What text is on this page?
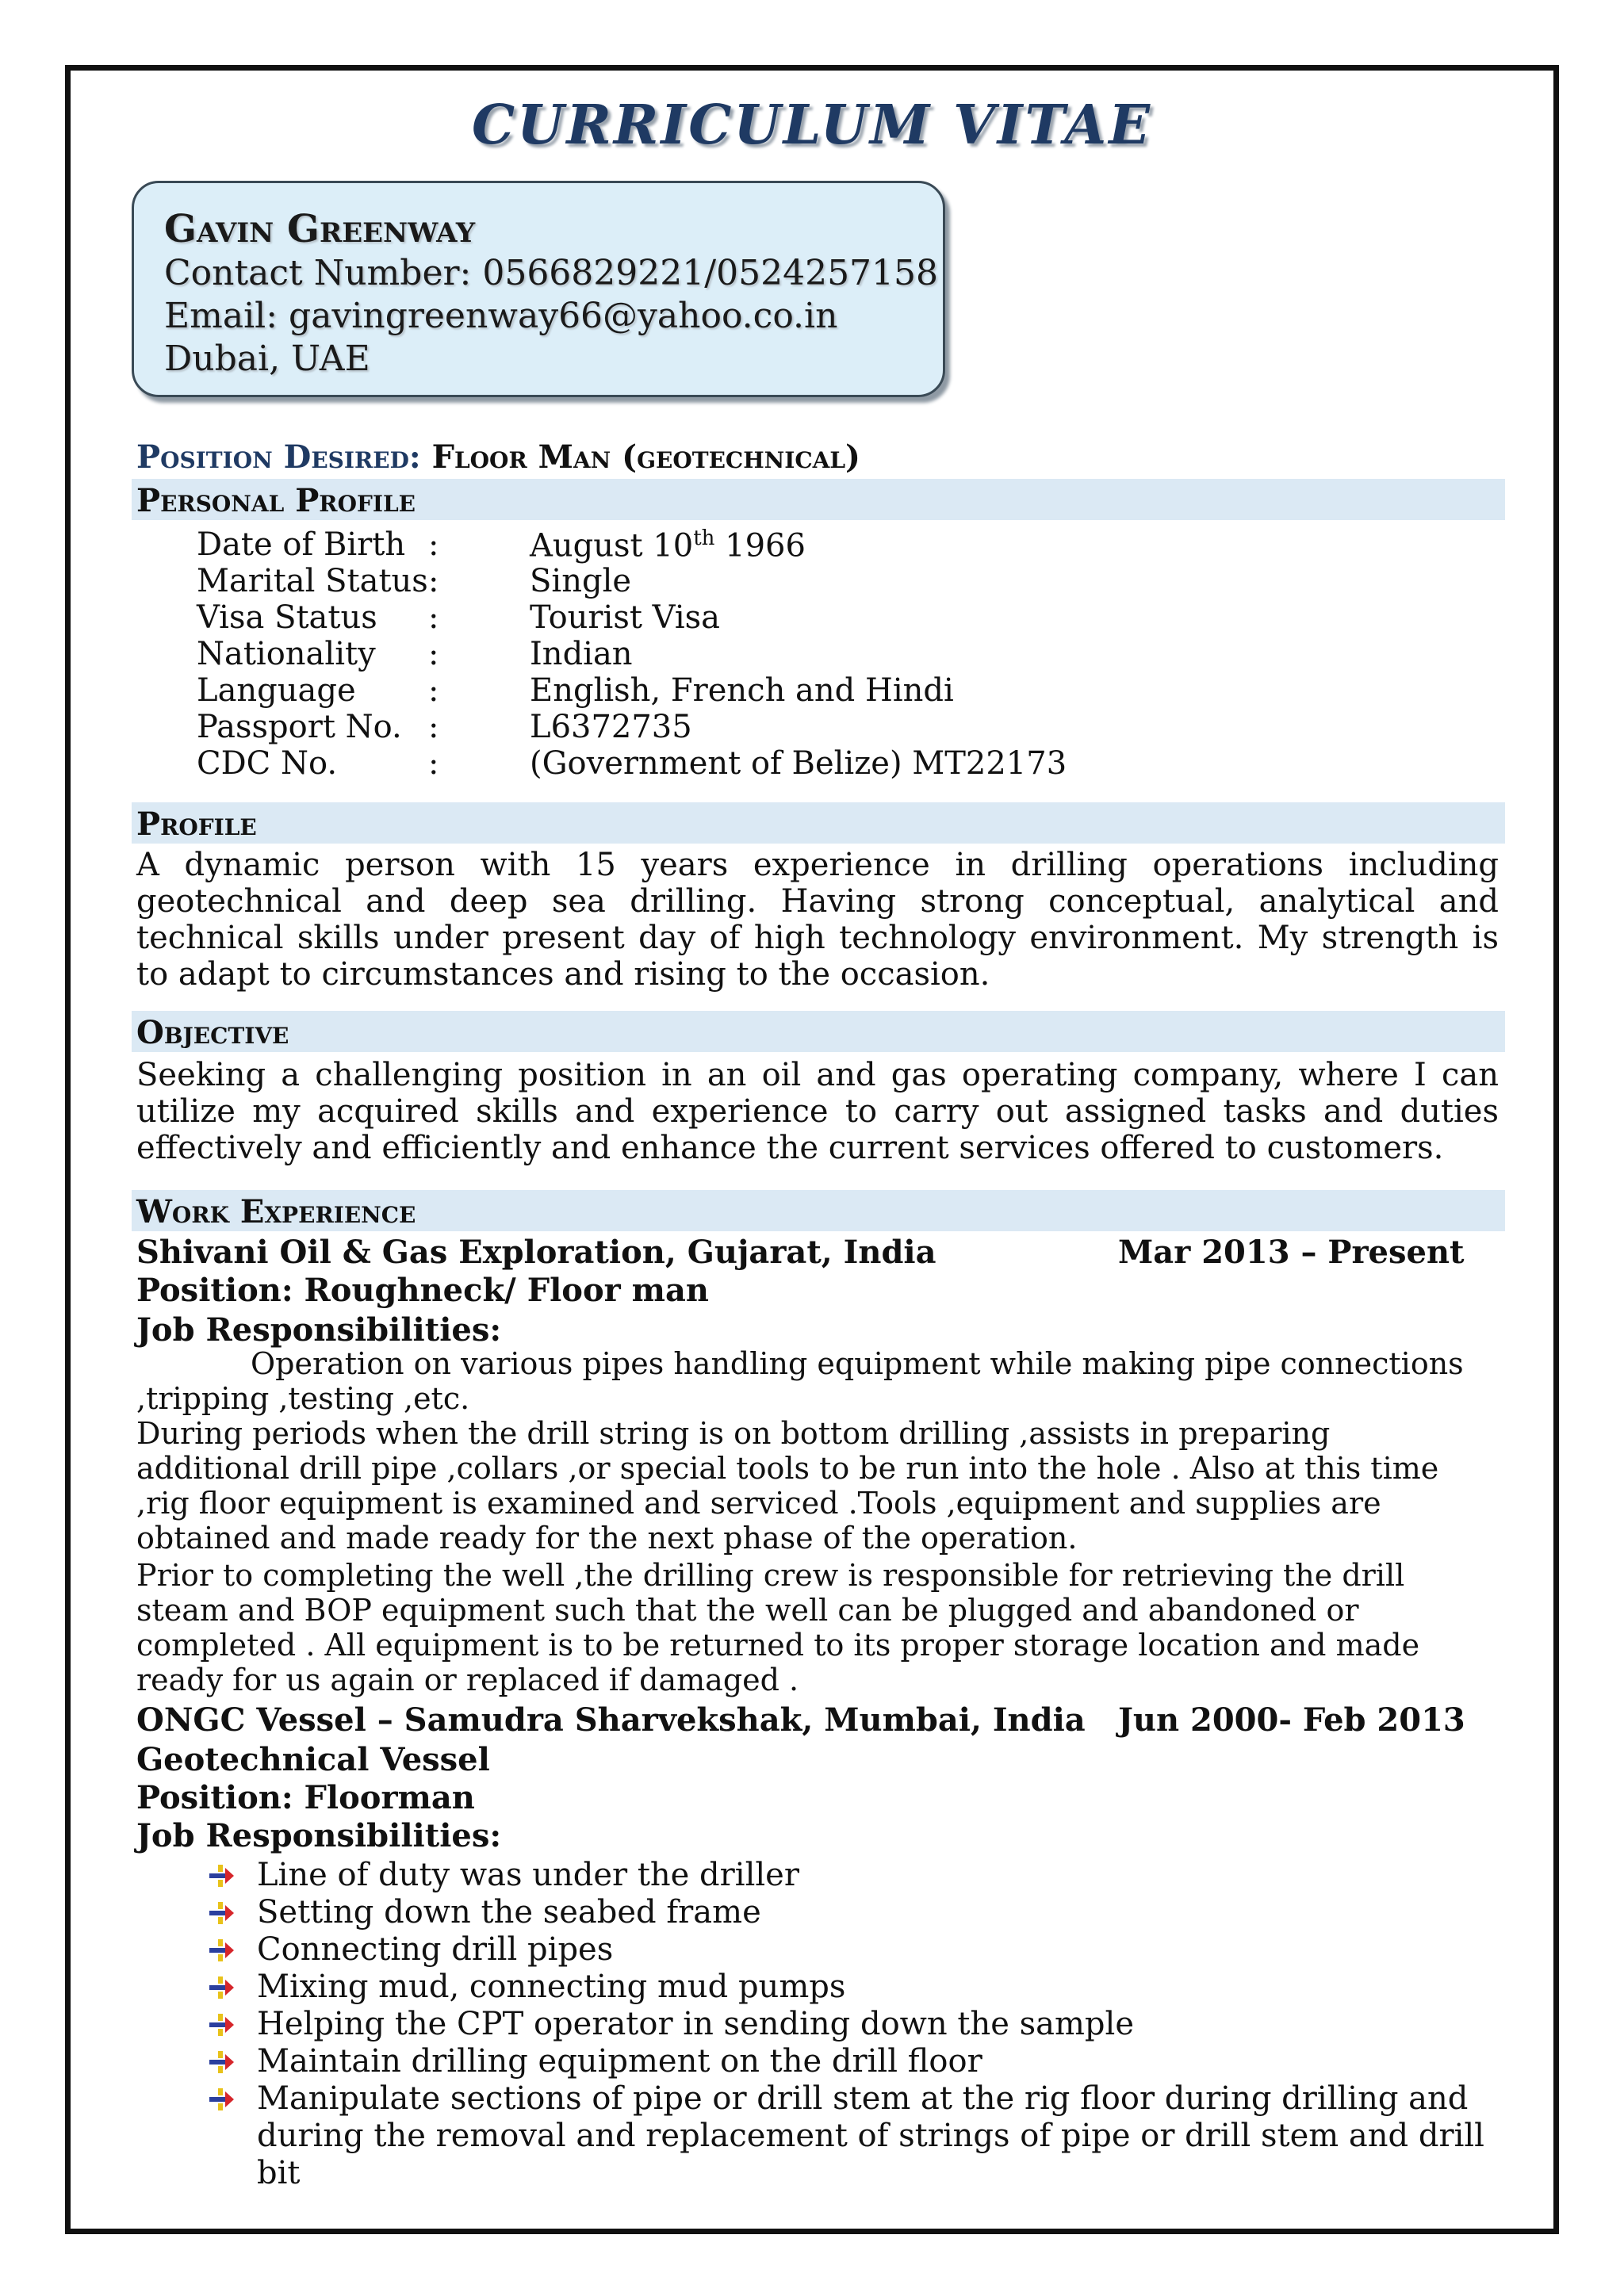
CURRICULUM VITAE
Gavin Greenway
Contact Number: 0566829221/0524257158
Email: gavingreenway66@yahoo.co.in
Dubai, UAE
Position Desired: Floor Man (geotechnical)
Personal Profile
Date of Birth :	August 10th 1966
Marital Status :	Single
Visa Status :	Tourist Visa
Nationality :	Indian
Language :	English, French and Hindi
Passport No. :	L6372735
CDC No.	:	(Government of Belize) MT22173
Profile
A dynamic person with 15 years experience in drilling operations including geotechnical and deep sea drilling. Having strong conceptual, analytical and technical skills under present day of high technology environment. My strength is to adapt to circumstances and rising to the occasion.
Objective
Seeking a challenging position in an oil and gas operating company, where I can utilize my acquired skills and experience to carry out assigned tasks and duties effectively and efficiently and enhance the current services offered to customers.
Work Experience
Shivani Oil & Gas Exploration, Gujarat, India	Mar 2013 – Present
Position: Roughneck/ Floor man
Job Responsibilities:
Operation on various pipes handling equipment while making pipe connections ,tripping ,testing ,etc.
During periods when the drill string is on bottom drilling ,assists in preparing additional drill pipe ,collars ,or special tools to be run into the hole . Also at this time ,rig floor equipment is examined and serviced .Tools ,equipment and supplies are obtained and made ready for the next phase of the operation.
Prior to completing the well ,the drilling crew is responsible for retrieving the drill steam and BOP equipment such that the well can be plugged and abandoned or completed . All equipment is to be returned to its proper storage location and made ready for us again or replaced if damaged .
ONGC Vessel – Samudra Sharvekshak, Mumbai, India Jun 2000- Feb 2013
Geotechnical Vessel
Position: Floorman
Job Responsibilities:
Line of duty was under the driller
Setting down the seabed frame
Connecting drill pipes
Mixing mud, connecting mud pumps
Helping the CPT operator in sending down the sample
Maintain drilling equipment on the drill floor
Manipulate sections of pipe or drill stem at the rig floor during drilling and during the removal and replacement of strings of pipe or drill stem and drill bit
